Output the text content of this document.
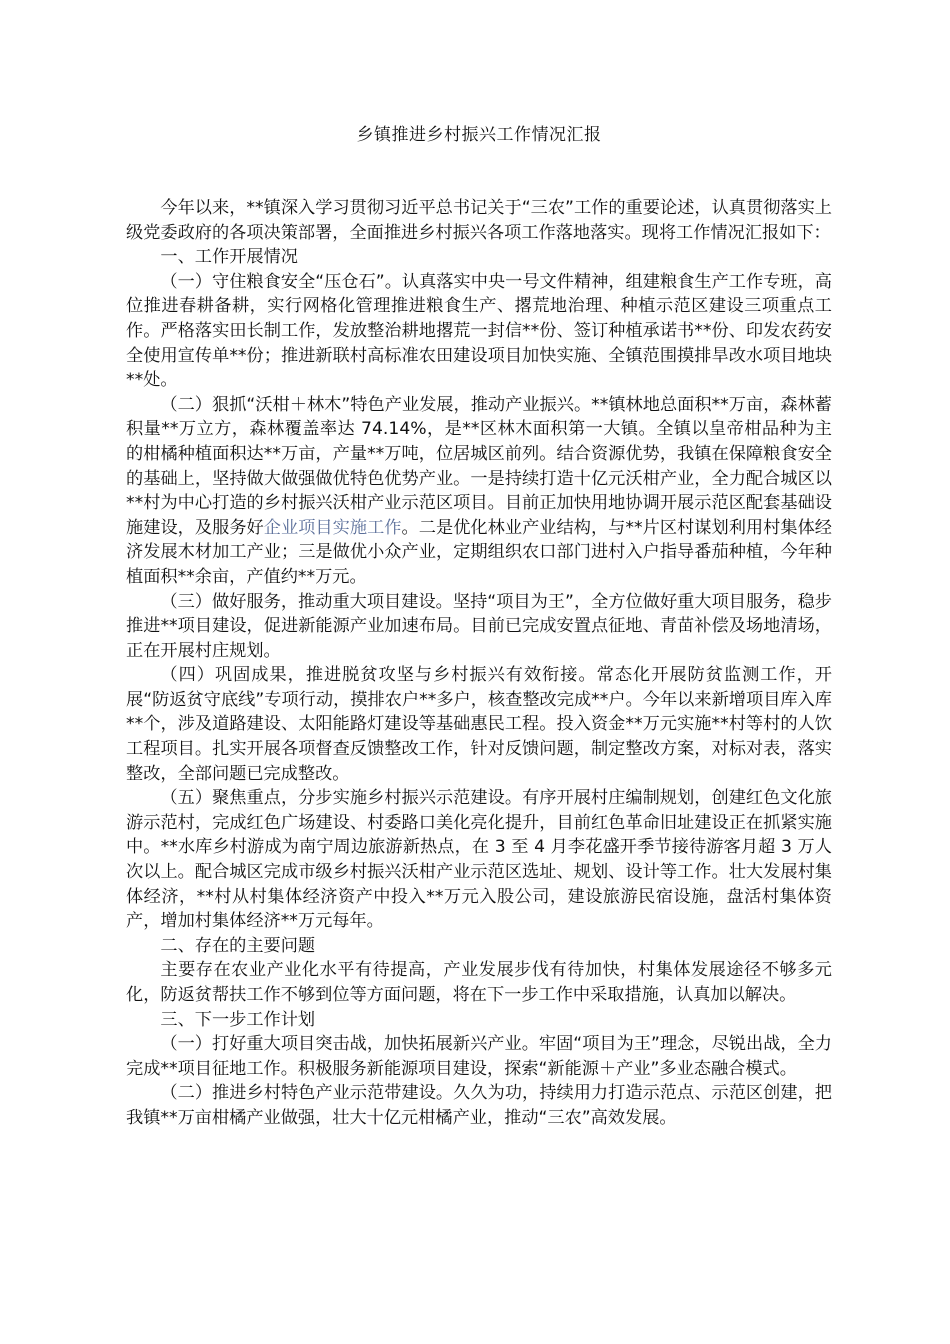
乡镇推进乡村振兴工作情况汇报

今年以来，**镇深入学习贯彻习近平总书记关于“三农”工作的重要论述，认真贯彻落实上级党委政府的各项决策部署，全面推进乡村振兴各项工作落地落实。现将工作情况汇报如下：

一、工作开展情况

（一）守住粮食安全“压仓石”。认真落实中央一号文件精神，组建粮食生产工作专班，高位推进春耕备耕，实行网格化管理推进粮食生产、撂荒地治理、种植示范区建设三项重点工作。严格落实田长制工作，发放整治耕地撂荒一封信**份、签订种植承诺书**份、印发农药安全使用宣传单**份；推进新联村高标准农田建设项目加快实施、全镇范围摸排旱改水项目地块**处。

（二）狠抓“沃柑＋林木”特色产业发展，推动产业振兴。**镇林地总面积**万亩，森林蓄积量**万立方，森林覆盖率达 74.14%，是**区林木面积第一大镇。全镇以皇帝柑品种为主的柑橘种植面积达**万亩，产量**万吨，位居城区前列。结合资源优势，我镇在保障粮食安全的基础上，坚持做大做强做优特色优势产业。一是持续打造十亿元沃柑产业，全力配合城区以**村为中心打造的乡村振兴沃柑产业示范区项目。目前正加快用地协调开展示范区配套基础设施建设，及服务好企业项目实施工作。二是优化林业产业结构，与**片区村谋划利用村集体经济发展木材加工产业；三是做优小众产业，定期组织农口部门进村入户指导番茄种植，今年种植面积**余亩，产值约**万元。

（三）做好服务，推动重大项目建设。坚持“项目为王”，全方位做好重大项目服务，稳步推进**项目建设，促进新能源产业加速布局。目前已完成安置点征地、青苗补偿及场地清场，正在开展村庄规划。

（四）巩固成果，推进脱贫攻坚与乡村振兴有效衔接。常态化开展防贫监测工作，开展“防返贫守底线”专项行动，摸排农户**多户，核查整改完成**户。今年以来新增项目库入库**个，涉及道路建设、太阳能路灯建设等基础惠民工程。投入资金**万元实施**村等村的人饮工程项目。扎实开展各项督查反馈整改工作，针对反馈问题，制定整改方案，对标对表，落实整改，全部问题已完成整改。

（五）聚焦重点，分步实施乡村振兴示范建设。有序开展村庄编制规划，创建红色文化旅游示范村，完成红色广场建设、村委路口美化亮化提升，目前红色革命旧址建设正在抓紧实施中。**水库乡村游成为南宁周边旅游新热点，在 3 至 4 月李花盛开季节接待游客月超 3 万人次以上。配合城区完成市级乡村振兴沃柑产业示范区选址、规划、设计等工作。壮大发展村集体经济，**村从村集体经济资产中投入**万元入股公司，建设旅游民宿设施，盘活村集体资产，增加村集体经济**万元每年。

二、存在的主要问题

主要存在农业产业化水平有待提高，产业发展步伐有待加快，村集体发展途径不够多元化，防返贫帮扶工作不够到位等方面问题，将在下一步工作中采取措施，认真加以解决。

三、下一步工作计划

（一）打好重大项目突击战，加快拓展新兴产业。牢固“项目为王”理念，尽锐出战，全力完成**项目征地工作。积极服务新能源项目建设，探索“新能源＋产业”多业态融合模式。

（二）推进乡村特色产业示范带建设。久久为功，持续用力打造示范点、示范区创建，把我镇**万亩柑橘产业做强，壮大十亿元柑橘产业，推动“三农”高效发展。
